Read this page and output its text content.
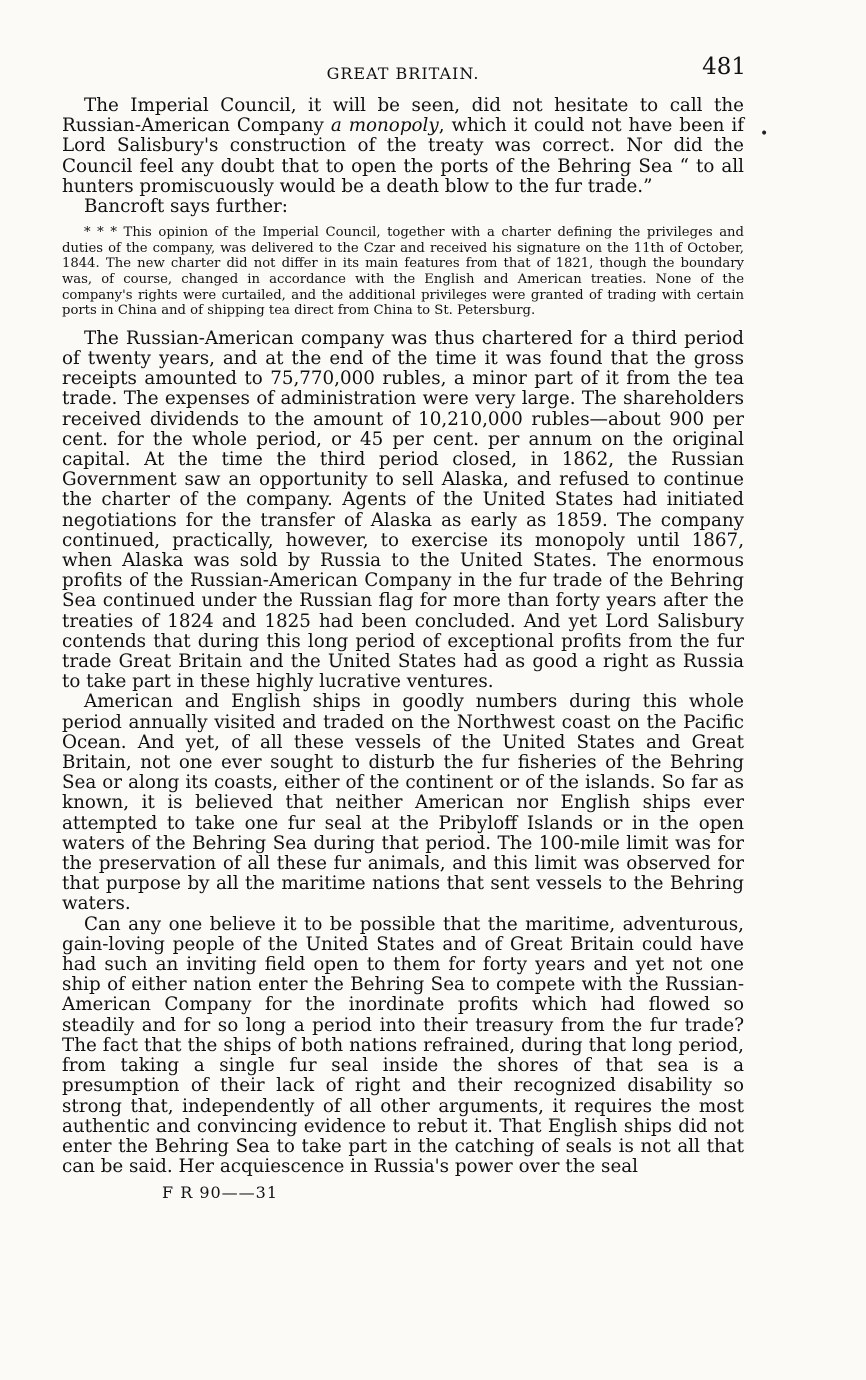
•
GREAT BRITAIN.	481

The Imperial Council, it will be seen, did not hesitate to call the Russian-American Company a monopoly, which it could not have been if Lord Salisbury's construction of the treaty was correct. Nor did the Council feel any doubt that to open the ports of the Behring Sea “ to all hunters promiscuously would be a death blow to the fur trade.”

Bancroft says further:

* * * This opinion of the Imperial Council, together with a charter defining the privileges and duties of the company, was delivered to the Czar and received his signature on the 11th of October, 1844. The new charter did not differ in its main features from that of 1821, though the boundary was, of course, changed in accordance with the English and American treaties. None of the company's rights were curtailed, and the additional privileges were granted of trading with certain ports in China and of shipping tea direct from China to St. Petersburg.

The Russian-American company was thus chartered for a third period of twenty years, and at the end of the time it was found that the gross receipts amounted to 75,770,000 rubles, a minor part of it from the tea trade. The expenses of administration were very large. The shareholders received dividends to the amount of 10,210,000 rubles—about 900 per cent. for the whole period, or 45 per cent. per annum on the original capital. At the time the third period closed, in 1862, the Russian Government saw an opportunity to sell Alaska, and refused to continue the charter of the company. Agents of the United States had initiated negotiations for the transfer of Alaska as early as 1859. The company continued, practically, however, to exercise its monopoly until 1867, when Alaska was sold by Russia to the United States. The enormous profits of the Russian-American Company in the fur trade of the Behring Sea continued under the Russian flag for more than forty years after the treaties of 1824 and 1825 had been concluded. And yet Lord Salisbury contends that during this long period of exceptional profits from the fur trade Great Britain and the United States had as good a right as Russia to take part in these highly lucrative ventures.

American and English ships in goodly numbers during this whole period annually visited and traded on the Northwest coast on the Pacific Ocean. And yet, of all these vessels of the United States and Great Britain, not one ever sought to disturb the fur fisheries of the Behring Sea or along its coasts, either of the continent or of the islands. So far as known, it is believed that neither American nor English ships ever attempted to take one fur seal at the Pribyloff Islands or in the open waters of the Behring Sea during that period. The 100-mile limit was for the preservation of all these fur animals, and this limit was observed for that purpose by all the maritime nations that sent vessels to the Behring waters.

Can any one believe it to be possible that the maritime, adventurous, gain-loving people of the United States and of Great Britain could have had such an inviting field open to them for forty years and yet not one ship of either nation enter the Behring Sea to compete with the Russian-American Company for the inordinate profits which had flowed so steadily and for so long a period into their treasury from the fur trade? The fact that the ships of both nations refrained, during that long period, from taking a single fur seal inside the shores of that sea is a presumption of their lack of right and their recognized disability so strong that, independently of all other arguments, it requires the most authentic and convincing evidence to rebut it. That English ships did not enter the Behring Sea to take part in the catching of seals is not all that can be said. Her acquiescence in Russia's power over the seal

F R 90——31
